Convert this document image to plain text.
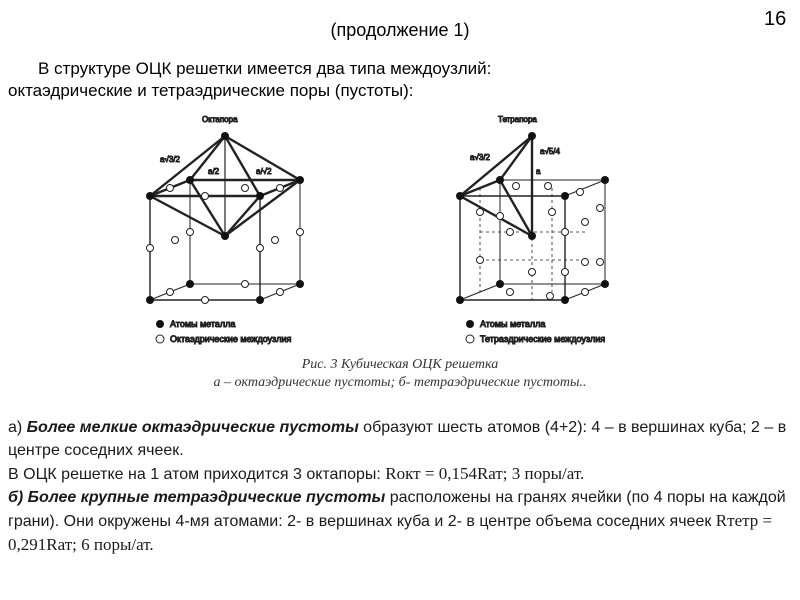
16
(продолжение 1)
В структуре ОЦК решетки имеется два типа междоузлий:
октаэдрические и тетраэдрические поры (пустоты):
Октапора
a√3/2
a/2	a/√2
Атомы металла
Октаэдрические междоузлия
Тетрапора
a√3/2
a√5/4
a
Атомы металла
Тетраэдрические междоузлия
Рис. 3 Кубическая ОЦК решетка
а – октаэдрические пустоты; б- тетраэдрические пустоты..

а) Более мелкие октаэдрические пустоты образуют шесть атомов (4+2): 4 – в вершинах куба; 2 – в центре соседних ячеек.

В ОЦК решетке на 1 атом приходится 3 октапоры: Rокт = 0,154Rат; 3 поры/ат.

б) Более крупные тетраэдрические пустоты расположены на гранях ячейки (по 4 поры на каждой грани). Они окружены 4-мя атомами: 2- в вершинах куба и 2- в центре объема соседних ячеек Rтетр = 0,291Rат; 6 поры/ат.
